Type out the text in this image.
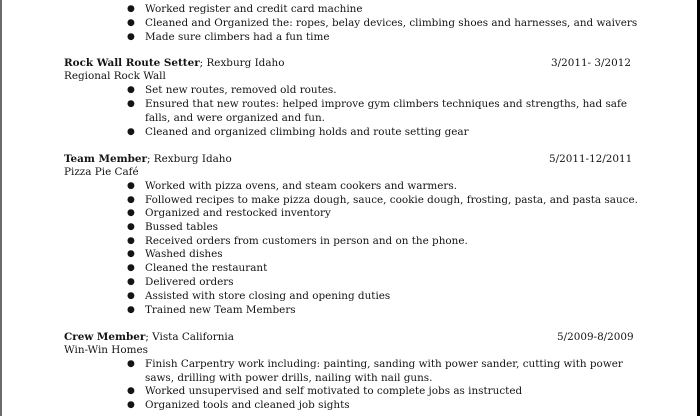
● Worked register and credit card machine
● Cleaned and Organized the: ropes, belay devices, climbing shoes and harnesses, and waivers
● Made sure climbers had a fun time
Rock Wall Route Setter; Rexburg Idaho	3/2011- 3/2012
Regional Rock Wall
● Set new routes, removed old routes.
● Ensured that new routes: helped improve gym climbers techniques and strengths, had safe falls, and were organized and fun.
● Cleaned and organized climbing holds and route setting gear
Team Member; Rexburg Idaho	5/2011-12/2011
Pizza Pie Café
● Worked with pizza ovens, and steam cookers and warmers.
● Followed recipes to make pizza dough, sauce, cookie dough, frosting, pasta, and pasta sauce.
● Organized and restocked inventory
● Bussed tables
● Received orders from customers in person and on the phone.
● Washed dishes
● Cleaned the restaurant
● Delivered orders
● Assisted with store closing and opening duties
● Trained new Team Members
Crew Member; Vista California	5/2009-8/2009
Win-Win Homes
● Finish Carpentry work including: painting, sanding with power sander, cutting with power saws, drilling with power drills, nailing with nail guns.
● Worked unsupervised and self motivated to complete jobs as instructed
● Organized tools and cleaned job sights
